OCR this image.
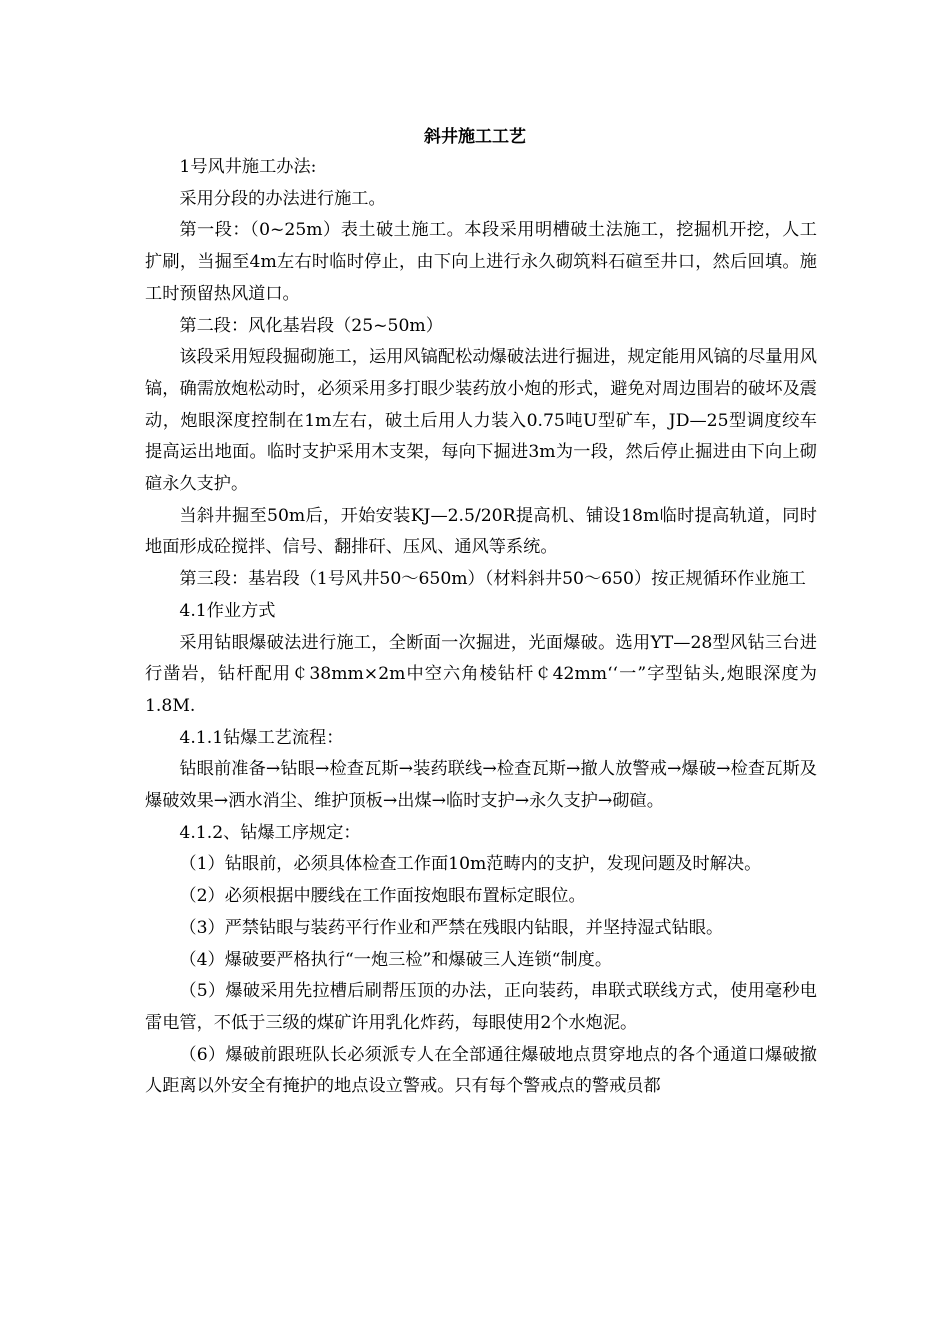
斜井施工工艺

1号风井施工办法:

采用分段的办法进行施工。

第一段：（0~25m）表土破土施工。本段采用明槽破土法施工，挖掘机开挖，人工扩刷，当掘至4m左右时临时停止，由下向上进行永久砌筑料石碹至井口，然后回填。施工时预留热风道口。

第二段：风化基岩段（25~50m）

该段采用短段掘砌施工，运用风镐配松动爆破法进行掘进，规定能用风镐的尽量用风镐，确需放炮松动时，必须采用多打眼少装药放小炮的形式，避免对周边围岩的破坏及震动，炮眼深度控制在1m左右，破土后用人力装入0.75吨U型矿车，JD—25型调度绞车提高运出地面。临时支护采用木支架，每向下掘进3m为一段，然后停止掘进由下向上砌碹永久支护。

当斜井掘至50m后，开始安装KJ—2.5/20R提高机、铺设18m临时提高轨道，同时地面形成砼搅拌、信号、翻排矸、压风、通风等系统。

第三段：基岩段（1号风井50～650m）（材料斜井50～650）按正规循环作业施工

4.1作业方式

采用钻眼爆破法进行施工，全断面一次掘进，光面爆破。选用YT—28型风钻三台进行凿岩，钻杆配用￠38mm×2m中空六角棱钻杆￠42mm‘‘一”字型钻头,炮眼深度为1.8M.

4.1.1钻爆工艺流程：

钻眼前准备→钻眼→检查瓦斯→装药联线→检查瓦斯→撤人放警戒→爆破→检查瓦斯及爆破效果→洒水消尘、维护顶板→出煤→临时支护→永久支护→砌碹。

4.1.2、钻爆工序规定：

（1）钻眼前，必须具体检查工作面10m范畴内的支护，发现问题及时解决。

（2）必须根据中腰线在工作面按炮眼布置标定眼位。

（3）严禁钻眼与装药平行作业和严禁在残眼内钻眼，并坚持湿式钻眼。

（4）爆破要严格执行“一炮三检”和爆破三人连锁“制度。

（5）爆破采用先拉槽后刷帮压顶的办法，正向装药，串联式联线方式，使用毫秒电雷电管，不低于三级的煤矿许用乳化炸药，每眼使用2个水炮泥。

（6）爆破前跟班队长必须派专人在全部通往爆破地点贯穿地点的各个通道口爆破撤人距离以外安全有掩护的地点设立警戒。只有每个警戒点的警戒员都
